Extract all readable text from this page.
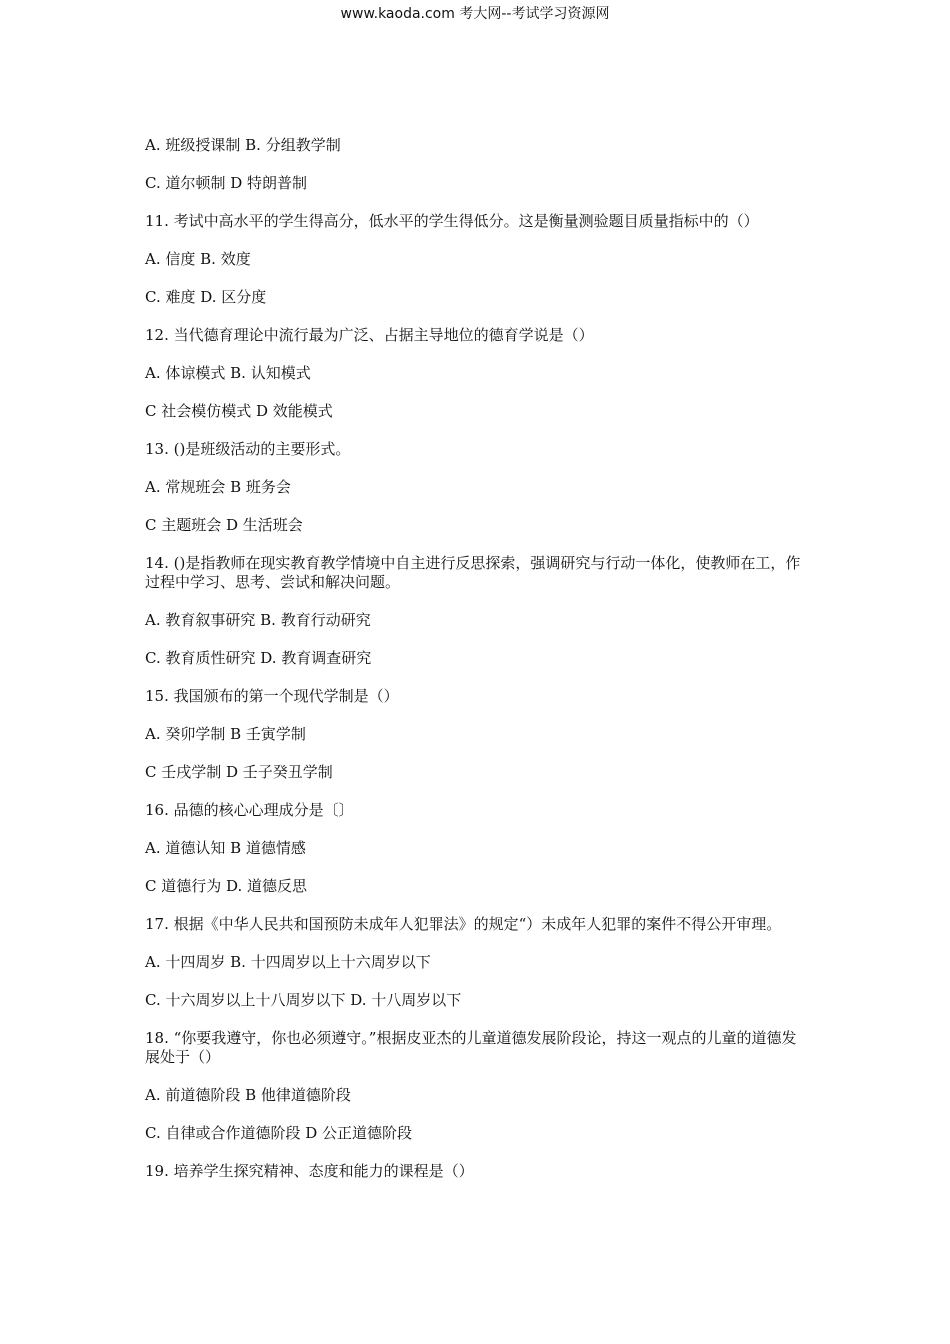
www.kaoda.com 考大网--考试学习资源网

A. 班级授课制 B. 分组教学制

C. 道尔顿制 D 特朗普制

11. 考试中高水平的学生得高分，低水平的学生得低分。这是衡量测验题目质量指标中的（）

A. 信度 B. 效度

C. 难度 D. 区分度

12. 当代德育理论中流行最为广泛、占据主导地位的德育学说是（）

A. 体谅模式 B. 认知模式

C 社会模仿模式 D 效能模式

13. ()是班级活动的主要形式。

A. 常规班会 B 班务会

C 主题班会 D 生活班会

14. ()是指教师在现实教育教学情境中自主进行反思探索，强调研究与行动一体化，使教师在工，作过程中学习、思考、尝试和解决问题。

A. 教育叙事研究 B. 教育行动研究

C. 教育质性研究 D. 教育调查研究

15. 我国颁布的第一个现代学制是（）

A. 癸卯学制 B 壬寅学制

C 壬戌学制 D 壬子癸丑学制

16. 品德的核心心理成分是〔〕

A. 道德认知 B 道德情感

C 道德行为 D. 道德反思

17. 根据《中华人民共和国预防未成年人犯罪法》的规定“）未成年人犯罪的案件不得公开审理。

A. 十四周岁 B. 十四周岁以上十六周岁以下

C. 十六周岁以上十八周岁以下 D. 十八周岁以下

18. “你要我遵守，你也必须遵守。”根据皮亚杰的儿童道德发展阶段论，持这一观点的儿童的道德发展处于（）

A. 前道德阶段 B 他律道德阶段

C. 自律或合作道德阶段 D 公正道德阶段

19. 培养学生探究精神、态度和能力的课程是（）
